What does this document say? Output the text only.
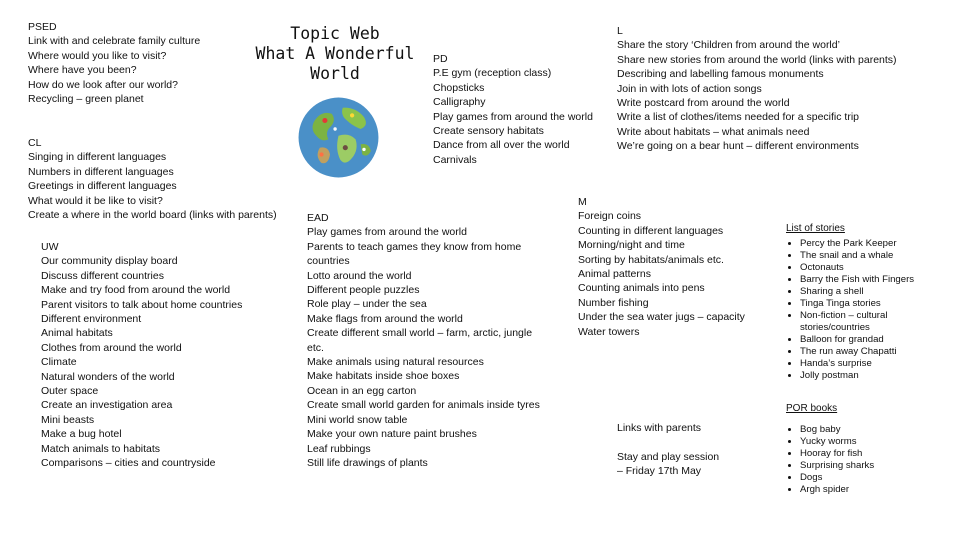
PSED
Link with and celebrate family culture
Where would you like to visit?
Where have you been?
How do we look after our world?
Recycling – green planet
Topic Web
What A Wonderful
World
CL
Singing in different languages
Numbers in different languages
Greetings in different languages
What would it be like to visit?
Create a where in the world board (links with parents)
UW
Our community display board
Discuss different countries
Make and try food from around the world
Parent visitors to talk about home countries
Different environment
Animal habitats
Clothes from around the world
Climate
Natural wonders of the world
Outer space
Create an investigation area
Mini beasts
Make a bug hotel
Match animals to habitats
Comparisons – cities and countryside
PD
P.E gym (reception class)
Chopsticks
Calligraphy
Play games from around the world
Create sensory habitats
Dance from all over the world
Carnivals
L
Share the story ‘Children from around the world’
Share new stories from around the world (links with parents)
Describing and labelling famous monuments
Join in with lots of action songs
Write postcard from around the world
Write a list of clothes/items needed for a specific trip
Write about habitats – what animals need
We’re going on a bear hunt – different environments
EAD
Play games from around the world
Parents to teach games they know from home
countries
Lotto around the world
Different people puzzles
Role play – under the sea
Make flags from around the world
Create different small world – farm, arctic, jungle
etc.
Make animals using natural resources
Make habitats inside shoe boxes
Ocean in an egg carton
Create small world garden for animals inside tyres
Mini world snow table
Make your own nature paint brushes
Leaf rubbings
Still life drawings of plants
M
Foreign coins
Counting in different languages
Morning/night and time
Sorting by habitats/animals etc.
Animal patterns
Counting animals into pens
Number fishing
Under the sea water jugs – capacity
Water towers
Links with parents
Stay and play session
– Friday 17th May
List of stories
• Percy the Park Keeper
• The snail and a whale
• Octonauts
• Barry the Fish with Fingers
• Sharing a shell
• Tinga Tinga stories
• Non-fiction – cultural stories/countries
• Balloon for grandad
• The run away Chapatti
• Handa’s surprise
• Jolly postman
POR books
• Bog baby
• Yucky worms
• Hooray for fish
• Surprising sharks
• Dogs
• Argh spider
